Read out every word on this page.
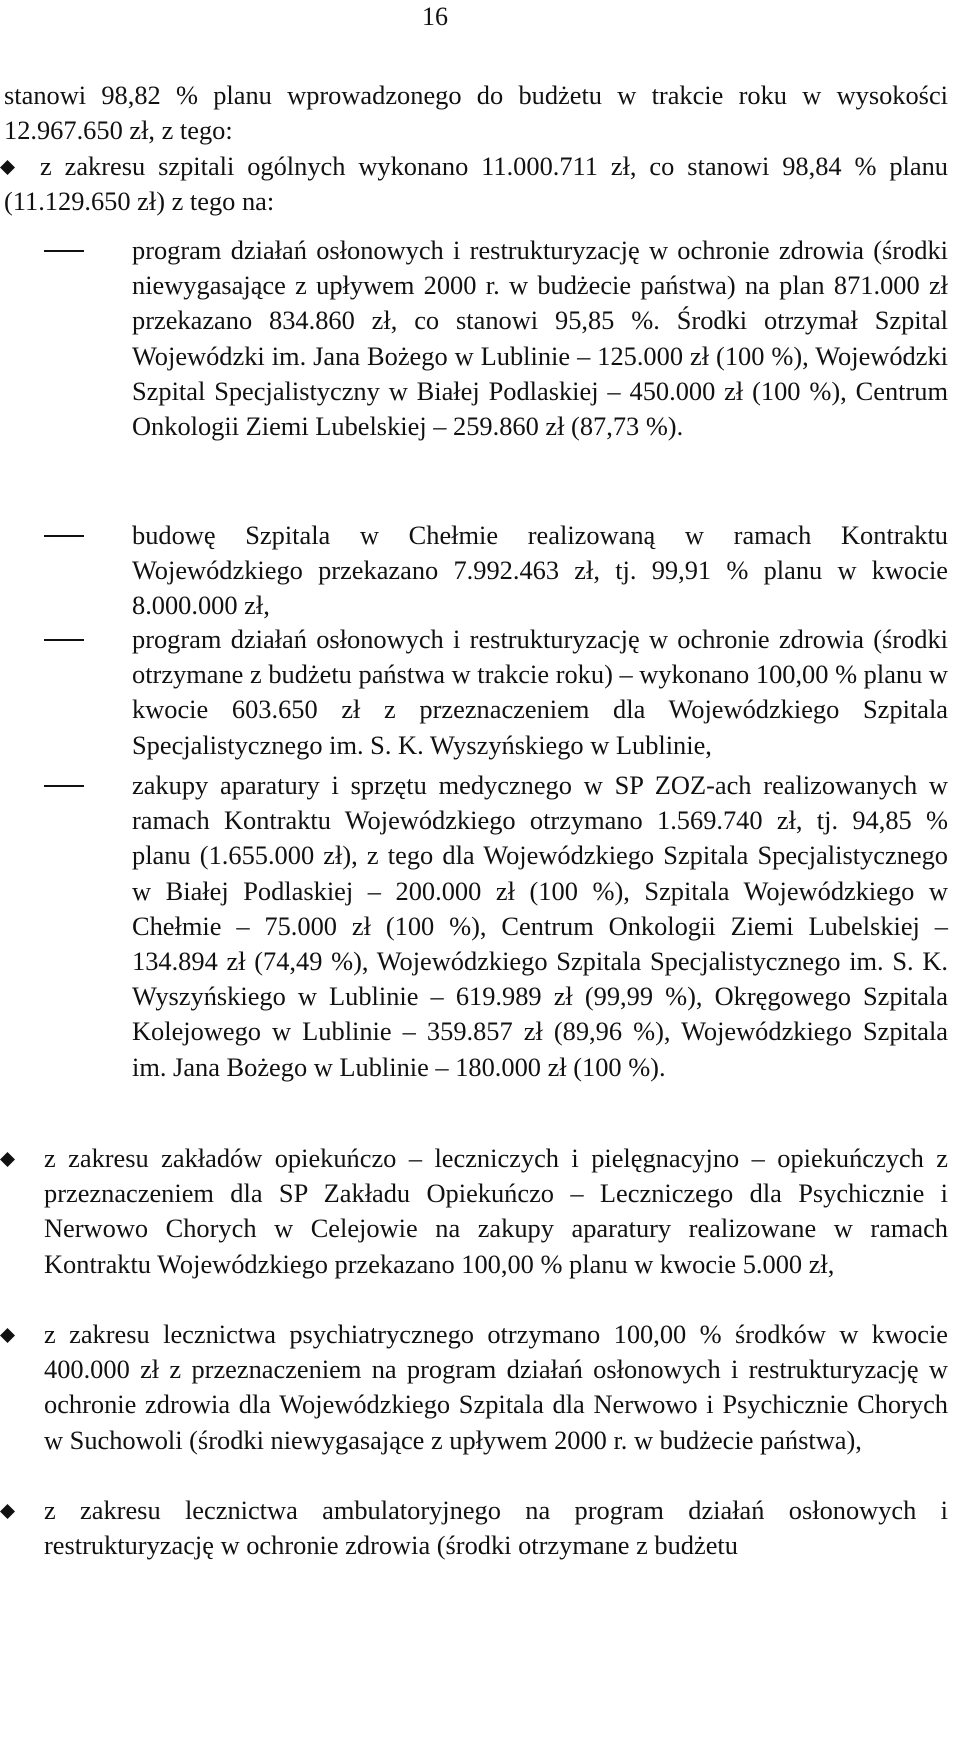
16
stanowi 98,82 % planu wprowadzonego do budżetu w trakcie roku w wysokości 12.967.650 zł, z tego:
z zakresu szpitali ogólnych wykonano 11.000.711 zł, co stanowi 98,84 % planu (11.129.650 zł) z tego na:
program działań osłonowych i restrukturyzację w ochronie zdrowia (środki niewygasające z upływem 2000 r. w budżecie państwa) na plan 871.000 zł przekazano 834.860 zł, co stanowi 95,85 %. Środki otrzymał Szpital Wojewódzki im. Jana Bożego w Lublinie – 125.000 zł (100 %), Wojewódzki Szpital Specjalistyczny w Białej Podlaskiej – 450.000 zł (100 %), Centrum Onkologii Ziemi Lubelskiej – 259.860 zł (87,73 %).
budowę Szpitala w Chełmie realizowaną w ramach Kontraktu Wojewódzkiego przekazano 7.992.463 zł, tj. 99,91 % planu w kwocie 8.000.000 zł,
program działań osłonowych i restrukturyzację w ochronie zdrowia (środki otrzymane z budżetu państwa w trakcie roku) – wykonano 100,00 % planu w kwocie 603.650 zł z przeznaczeniem dla Wojewódzkiego Szpitala Specjalistycznego im. S. K. Wyszyńskiego w Lublinie,
zakupy aparatury i sprzętu medycznego w SP ZOZ-ach realizowanych w ramach Kontraktu Wojewódzkiego otrzymano 1.569.740 zł, tj. 94,85 % planu (1.655.000 zł), z tego dla Wojewódzkiego Szpitala Specjalistycznego w Białej Podlaskiej – 200.000 zł (100 %), Szpitala Wojewódzkiego w Chełmie – 75.000 zł (100 %), Centrum Onkologii Ziemi Lubelskiej – 134.894 zł (74,49 %), Wojewódzkiego Szpitala Specjalistycznego im. S. K. Wyszyńskiego w Lublinie – 619.989 zł (99,99 %), Okręgowego Szpitala Kolejowego w Lublinie – 359.857 zł (89,96 %), Wojewódzkiego Szpitala im. Jana Bożego w Lublinie – 180.000 zł (100 %).
z zakresu zakładów opiekuńczo – leczniczych i pielęgnacyjno – opiekuńczych z przeznaczeniem dla SP Zakładu Opiekuńczo – Leczniczego dla Psychicznie i Nerwowo Chorych w Celejowie na zakupy aparatury realizowane w ramach Kontraktu Wojewódzkiego przekazano 100,00 % planu w kwocie 5.000 zł,
z zakresu lecznictwa psychiatrycznego otrzymano 100,00 % środków w kwocie 400.000 zł z przeznaczeniem na program działań osłonowych i restrukturyzację w ochronie zdrowia dla Wojewódzkiego Szpitala dla Nerwowo i Psychicznie Chorych w Suchowoli (środki niewygasające z upływem 2000 r. w budżecie państwa),
z zakresu lecznictwa ambulatoryjnego na program działań osłonowych i restrukturyzację w ochronie zdrowia (środki otrzymane z budżetu
